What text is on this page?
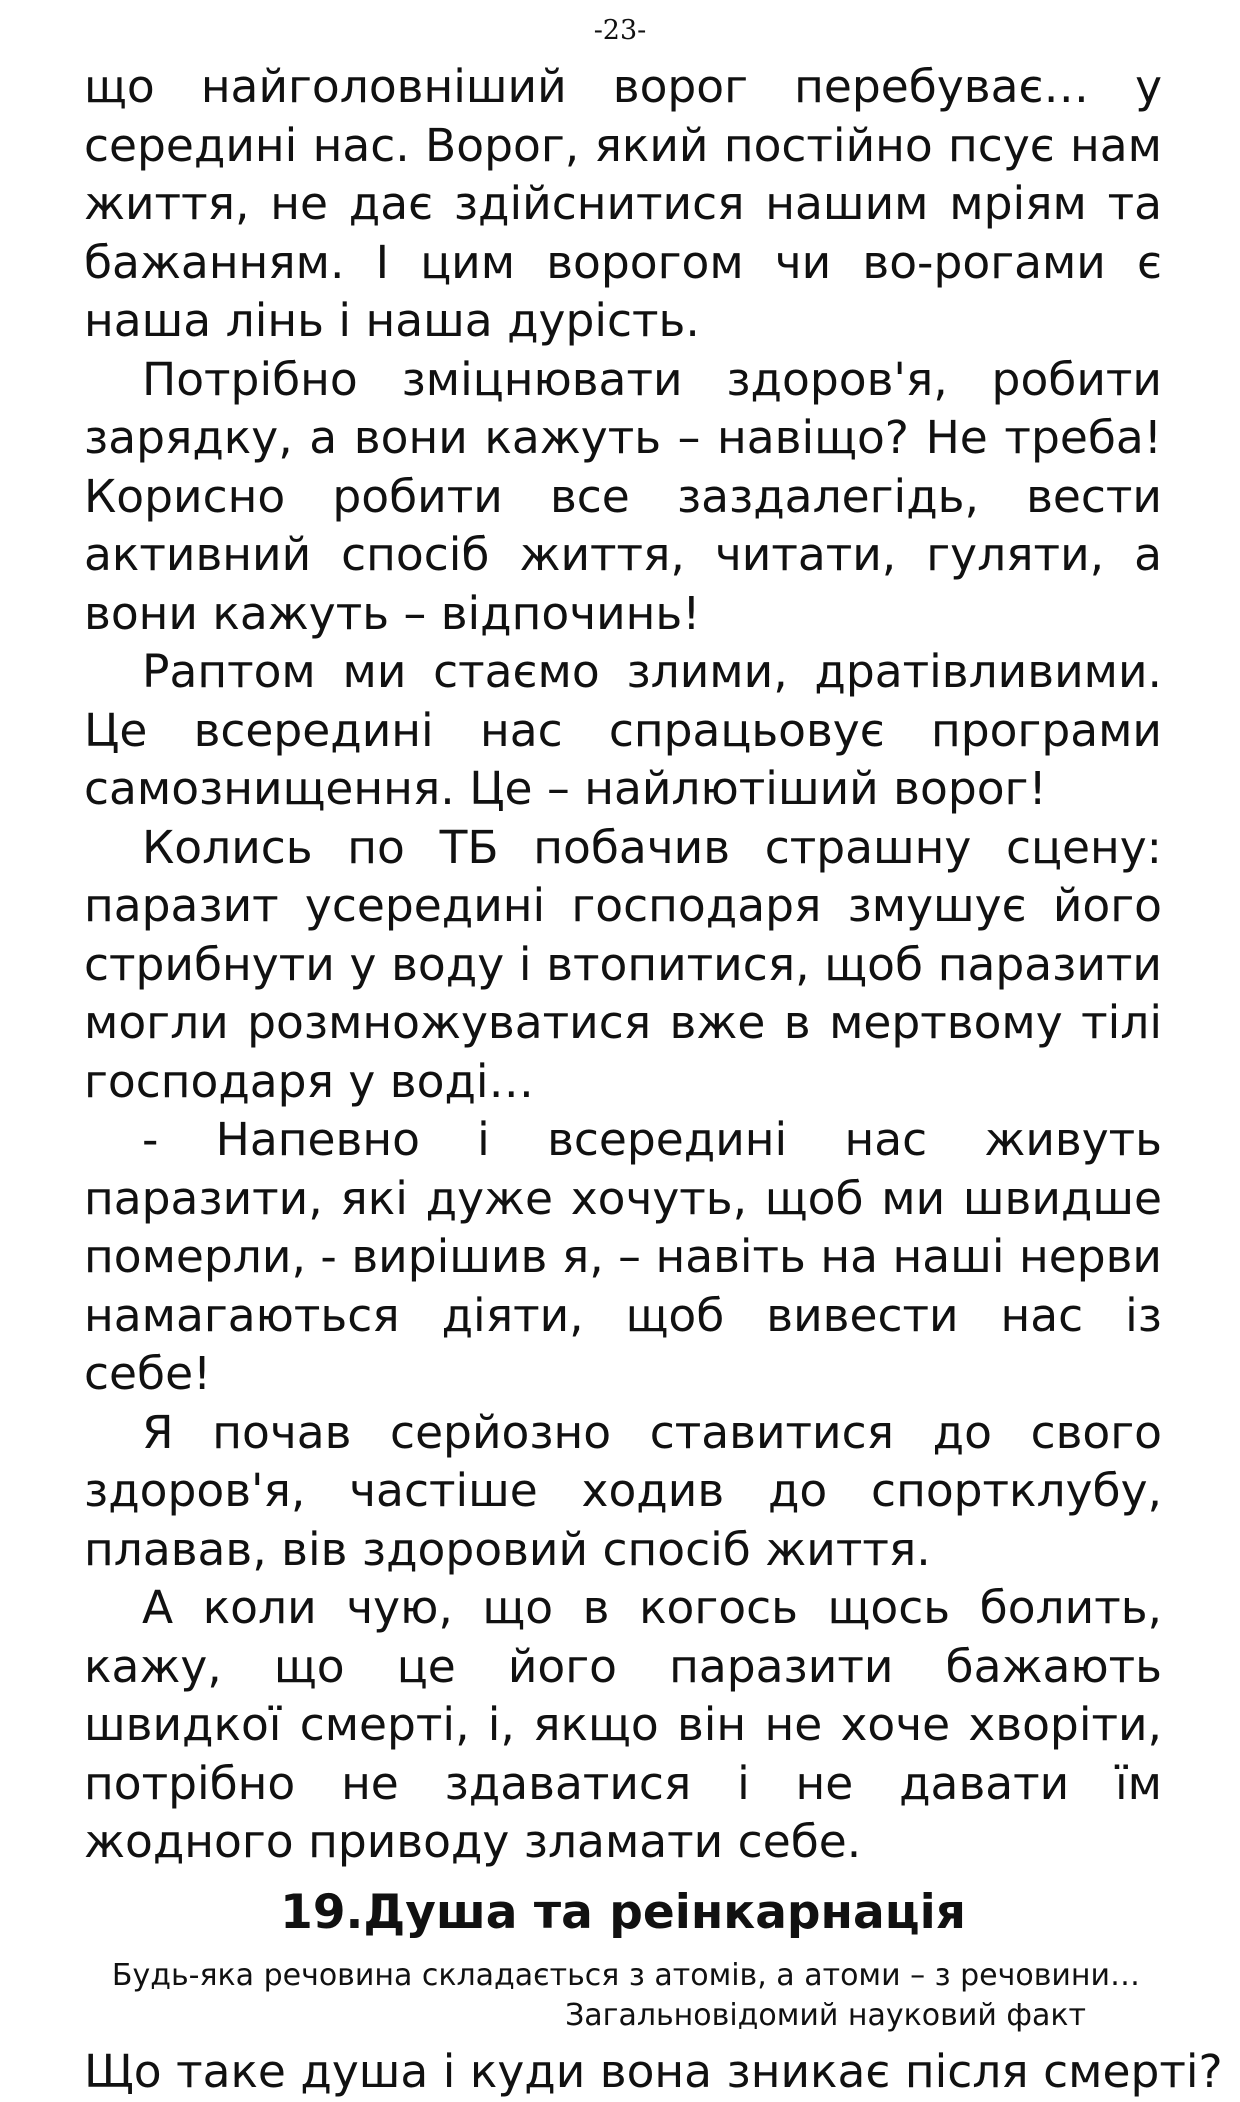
-23-

що найголовніший ворог перебуває… у середині нас. Ворог, який постійно псує нам життя, не дає здійснитися нашим мріям та бажанням. І цим ворогом чи во-рогами є наша лінь і наша дурість.

Потрібно зміцнювати здоров'я, робити зарядку, а вони кажуть – навіщо? Не треба! Корисно робити все заздалегідь, вести активний спосіб життя, читати, гуляти, а вони кажуть – відпочинь!

Раптом ми стаємо злими, дратівливими. Це всередині нас спрацьовує програми самознищення. Це – найлютіший ворог!

Колись по ТБ побачив страшну сцену: паразит усередині господаря змушує його стрибнути у воду і втопитися, щоб паразити могли розмножуватися вже в мертвому тілі господаря у воді…

- Напевно і всередині нас живуть паразити, які дуже хочуть, щоб ми швидше померли, - вирішив я, – навіть на наші нерви намагаються діяти, щоб вивести нас із себе!

Я почав серйозно ставитися до свого здоров'я, частіше ходив до спортклубу, плавав, вів здоровий спосіб життя.

А коли чую, що в когось щось болить, кажу, що це його паразити бажають швидкої смерті, і, якщо він не хоче хворіти, потрібно не здаватися і не давати їм жодного приводу зламати себе.

19.Душа та реінкарнація

Будь-яка речовина складається з атомів, а атоми – з речовини…

Загальновідомий науковий факт

Що таке душа і куди вона зникає після смерті?
